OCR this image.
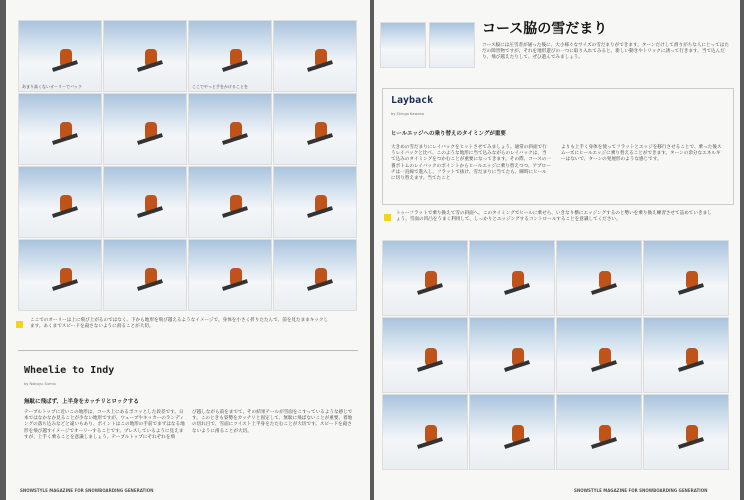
あまり高くないオーリーでバック	ここでやっと手をかけることを
ここでのオーリーは上に飛び上がるのではなく、下から地形を飛び越えるようなイメージで、身体を小さく折りたたんで、前を見たままキックします。あくまでスピードを殺さないように滑ることが大切。
Wheelie to Indy
by Nobuyu Sumiu
無駄に飛ばず、上半身をカッチリとロックする
テーブルトップに近いこの地形は、コース上にあるポコッとした段差です。日本ではなかなか見ることが少ない地形ですが、ウェーブやキッカーのランディングの落ち込みなどと違いもあり、ポイントはこの地形の手前でまずはなる地形を飛び越すイメージでオーリーすることです。プレスしているように見えますが、上手く乗ることを意識しましょう。テーブルトップにそれぞれを飛
び越しながら前をまでて、その結果テールが雪面をこすっているような感じです。このときも姿勢をカッチリと固定して、無駄に飛ばないことが重要。着地の切れ目で、雪面にツイスト上半身をたたむことが大切です。スピードを殺さないように滑ることが大切。
SNOWSTYLE MAGAZINE FOR SNOWBOARDING GENERATION
コース脇の雪だまり
コース脇には圧雪者が通った後に、大小様々なサイズの雪だまりができます。ターンだけして滑りがちな人にとってはただの障害物ですが、それを地形遊びの一つに取り入れてみると、新しい動きやトリックに誘って行きます。当て込んだり、飛び越えたりして、ぜひ遊んでみましょう。
Layback
by Shingo Kawano
ヒールエッジへの乗り替えのタイミングが重要
大きめの雪だまりにレイバックをヒットさせてみましょう。通常の斜面で行うレイバックと比べ、このような地形に当て込みながらのレイバックは、当て込みのタイミングをつかむことが重要になってきます。その際、コースの一番ボトムのレイバックのポイントからヒールエッジに乗り替えつつ、アプローチは一直線で進入し、フラットで抜け、雪だまりに当てたら、瞬時にヒールに切り替えます。当てたこと
よりも上手く身体を使ってフラットとエッジを移行させることで、乗った後スムーズにヒールエッジに乗り替えることができます。ターンの余分なエネルギーはないで、ターンの発展形のような感じです。
トゥーフラットで乗り換えて雪の斜面へ。このタイミングでヒールに乗せら、いきなり横にエッジングするのと勢いを乗り換え練習させて詰めていきましょう。雪面の凹凸をうまく利用して、しっかりとエッジングするコントロールすることを意識してください。
SNOWSTYLE MAGAZINE FOR SNOWBOARDING GENERATION
